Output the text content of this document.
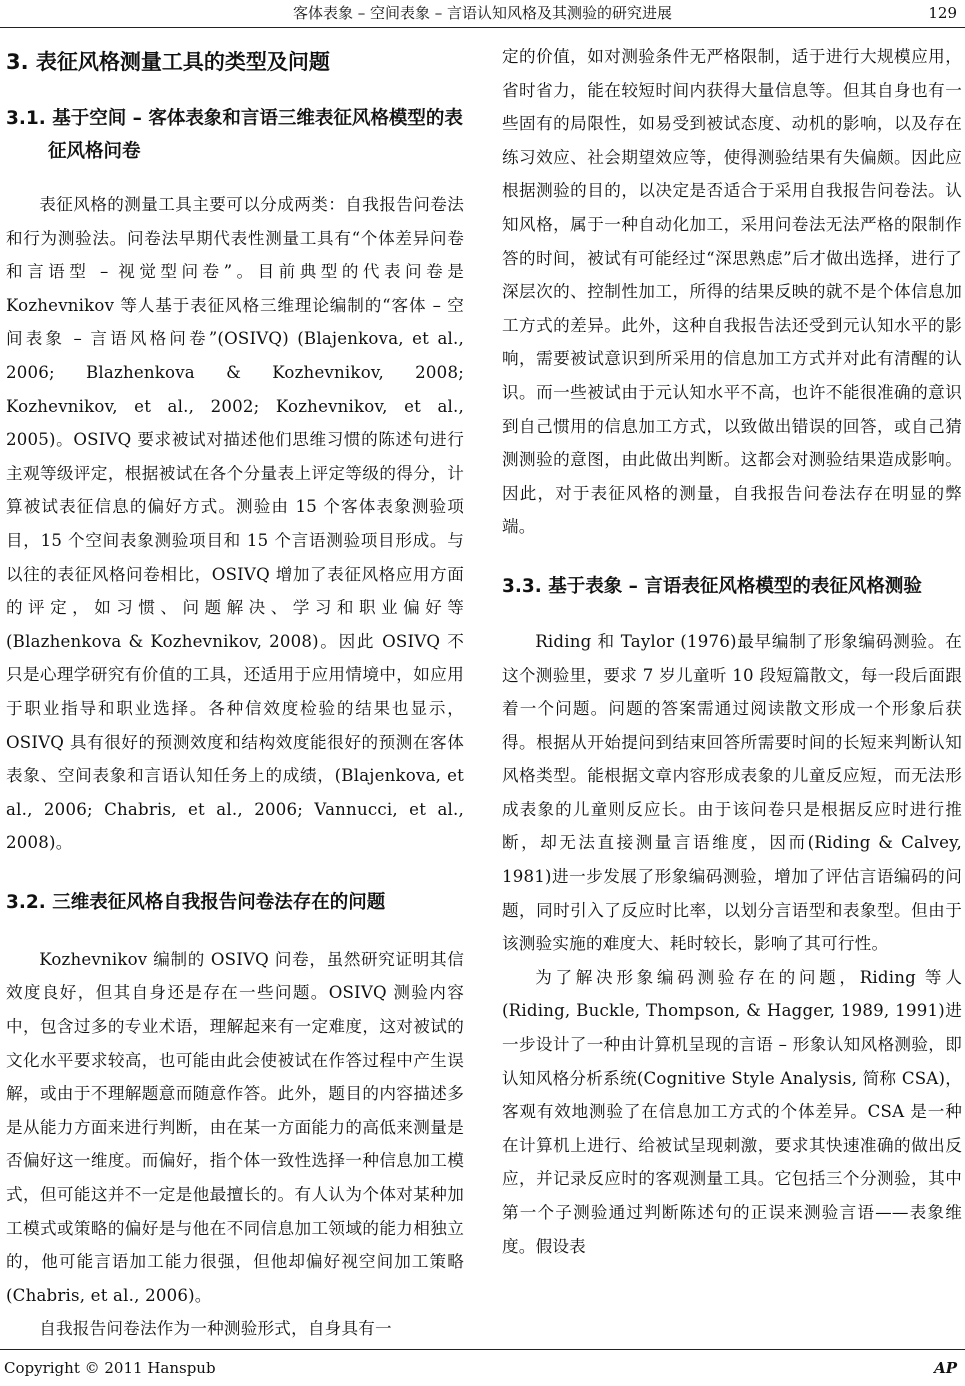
客体表象 – 空间表象 – 言语认知风格及其测验的研究进展	129
3. 表征风格测量工具的类型及问题
3.1. 基于空间 – 客体表象和言语三维表征风格模型的表征风格问卷

表征风格的测量工具主要可以分成两类：自我报告问卷法和行为测验法。问卷法早期代表性测量工具有“个体差异问卷和言语型 – 视觉型问卷”。目前典型的代表问卷是 Kozhevnikov 等人基于表征风格三维理论编制的“客体 – 空间表象 – 言语风格问卷”(OSIVQ) (Blajenkova, et al., 2006; Blazhenkova & Kozhevnikov, 2008; Kozhevnikov, et al., 2002; Kozhevnikov, et al., 2005)。OSIVQ 要求被试对描述他们思维习惯的陈述句进行主观等级评定，根据被试在各个分量表上评定等级的得分，计算被试表征信息的偏好方式。测验由 15 个客体表象测验项目，15 个空间表象测验项目和 15 个言语测验项目形成。与以往的表征风格问卷相比，OSIVQ 增加了表征风格应用方面的评定，如习惯、问题解决、学习和职业偏好等(Blazhenkova & Kozhevnikov, 2008)。因此 OSIVQ 不只是心理学研究有价值的工具，还适用于应用情境中，如应用于职业指导和职业选择。各种信效度检验的结果也显示，OSIVQ 具有很好的预测效度和结构效度能很好的预测在客体表象、空间表象和言语认知任务上的成绩，(Blajenkova, et al., 2006; Chabris, et al., 2006; Vannucci, et al., 2008)。

3.2. 三维表征风格自我报告问卷法存在的问题

Kozhevnikov 编制的 OSIVQ 问卷，虽然研究证明其信效度良好，但其自身还是存在一些问题。OSIVQ 测验内容中，包含过多的专业术语，理解起来有一定难度，这对被试的文化水平要求较高，也可能由此会使被试在作答过程中产生误解，或由于不理解题意而随意作答。此外，题目的内容描述多是从能力方面来进行判断，由在某一方面能力的高低来测量是否偏好这一维度。而偏好，指个体一致性选择一种信息加工模式，但可能这并不一定是他最擅长的。有人认为个体对某种加工模式或策略的偏好是与他在不同信息加工领域的能力相独立的，他可能言语加工能力很强，但他却偏好视空间加工策略(Chabris, et al., 2006)。

自我报告问卷法作为一种测验形式，自身具有一

定的价值，如对测验条件无严格限制，适于进行大规模应用，省时省力，能在较短时间内获得大量信息等。但其自身也有一些固有的局限性，如易受到被试态度、动机的影响，以及存在练习效应、社会期望效应等，使得测验结果有失偏颇。因此应根据测验的目的，以决定是否适合于采用自我报告问卷法。认知风格，属于一种自动化加工，采用问卷法无法严格的限制作答的时间，被试有可能经过“深思熟虑”后才做出选择，进行了深层次的、控制性加工，所得的结果反映的就不是个体信息加工方式的差异。此外，这种自我报告法还受到元认知水平的影响，需要被试意识到所采用的信息加工方式并对此有清醒的认识。而一些被试由于元认知水平不高，也许不能很准确的意识到自己惯用的信息加工方式，以致做出错误的回答，或自己猜测测验的意图，由此做出判断。这都会对测验结果造成影响。因此，对于表征风格的测量，自我报告问卷法存在明显的弊端。

3.3. 基于表象 – 言语表征风格模型的表征风格测验

Riding 和 Taylor (1976)最早编制了形象编码测验。在这个测验里，要求 7 岁儿童听 10 段短篇散文，每一段后面跟着一个问题。问题的答案需通过阅读散文形成一个形象后获得。根据从开始提问到结束回答所需要时间的长短来判断认知风格类型。能根据文章内容形成表象的儿童反应短，而无法形成表象的儿童则反应长。由于该问卷只是根据反应时进行推断，却无法直接测量言语维度，因而(Riding & Calvey, 1981)进一步发展了形象编码测验，增加了评估言语编码的问题，同时引入了反应时比率，以划分言语型和表象型。但由于该测验实施的难度大、耗时较长，影响了其可行性。

为了解决形象编码测验存在的问题，Riding 等人(Riding, Buckle, Thompson, & Hagger, 1989, 1991)进一步设计了一种由计算机呈现的言语 – 形象认知风格测验，即认知风格分析系统(Cognitive Style Analysis, 简称 CSA)，客观有效地测验了在信息加工方式的个体差异。CSA 是一种在计算机上进行、给被试呈现刺激，要求其快速准确的做出反应，并记录反应时的客观测量工具。它包括三个分测验，其中第一个子测验通过判断陈述句的正误来测验言语——表象维度。假设表

Copyright © 2011 Hanspub	AP
